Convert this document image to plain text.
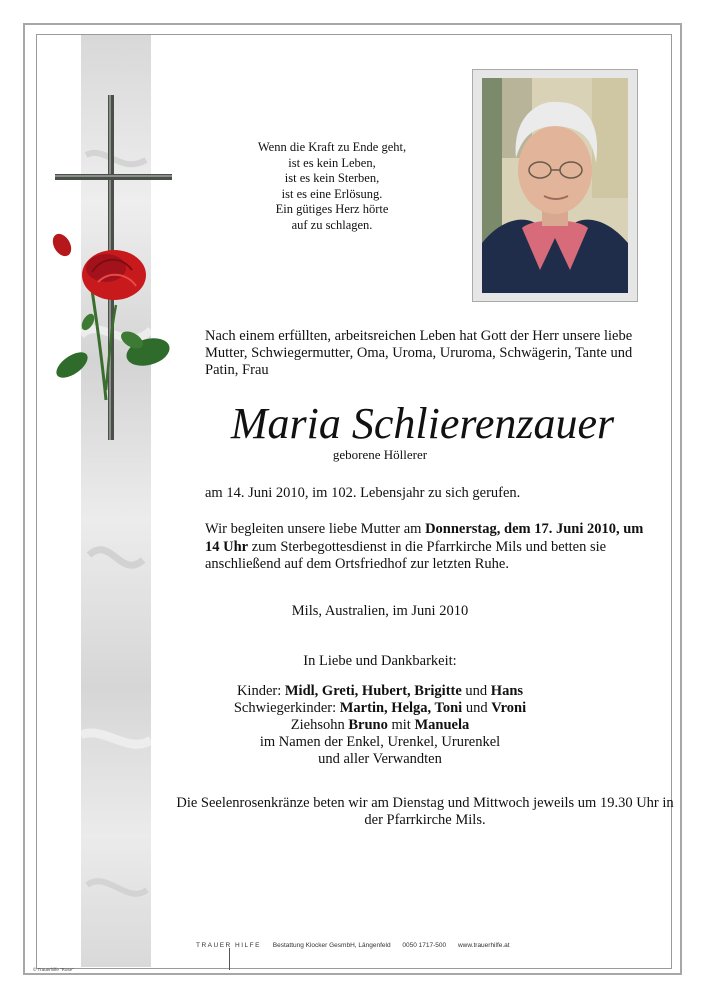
Wenn die Kraft zu Ende geht,
ist es kein Leben,
ist es kein Sterben,
ist es eine Erlösung.
Ein gütiges Herz hörte
auf zu schlagen.
Nach einem erfüllten, arbeitsreichen Leben hat Gott der Herr unsere liebe Mutter, Schwiegermutter, Oma, Uroma, Ururoma, Schwägerin, Tante und Patin, Frau
Maria Schlierenzauer
geborene Höllerer
am 14. Juni 2010, im 102. Lebensjahr zu sich gerufen.
Wir begleiten unsere liebe Mutter am Donnerstag, dem 17. Juni 2010, um 14 Uhr zum Sterbegottesdienst in die Pfarrkirche Mils und betten sie anschließend auf dem Ortsfriedhof zur letzten Ruhe.
Mils, Australien, im Juni 2010
In Liebe und Dankbarkeit:
Kinder: Midl, Greti, Hubert, Brigitte und Hans
Schwiegerkinder: Martin, Helga, Toni und Vroni
Ziehsohn Bruno mit Manuela
im Namen der Enkel, Urenkel, Ururenkel
und aller Verwandten
Die Seelenrosenkränze beten wir am Dienstag und Mittwoch jeweils um 19.30 Uhr in der Pfarrkirche Mils.
TRAUER HILFE Bestattung Klocker GesmbH, Längenfeld 0050 1717-500 www.trauerhilfe.at
© Trauerhilfe "Rose"
